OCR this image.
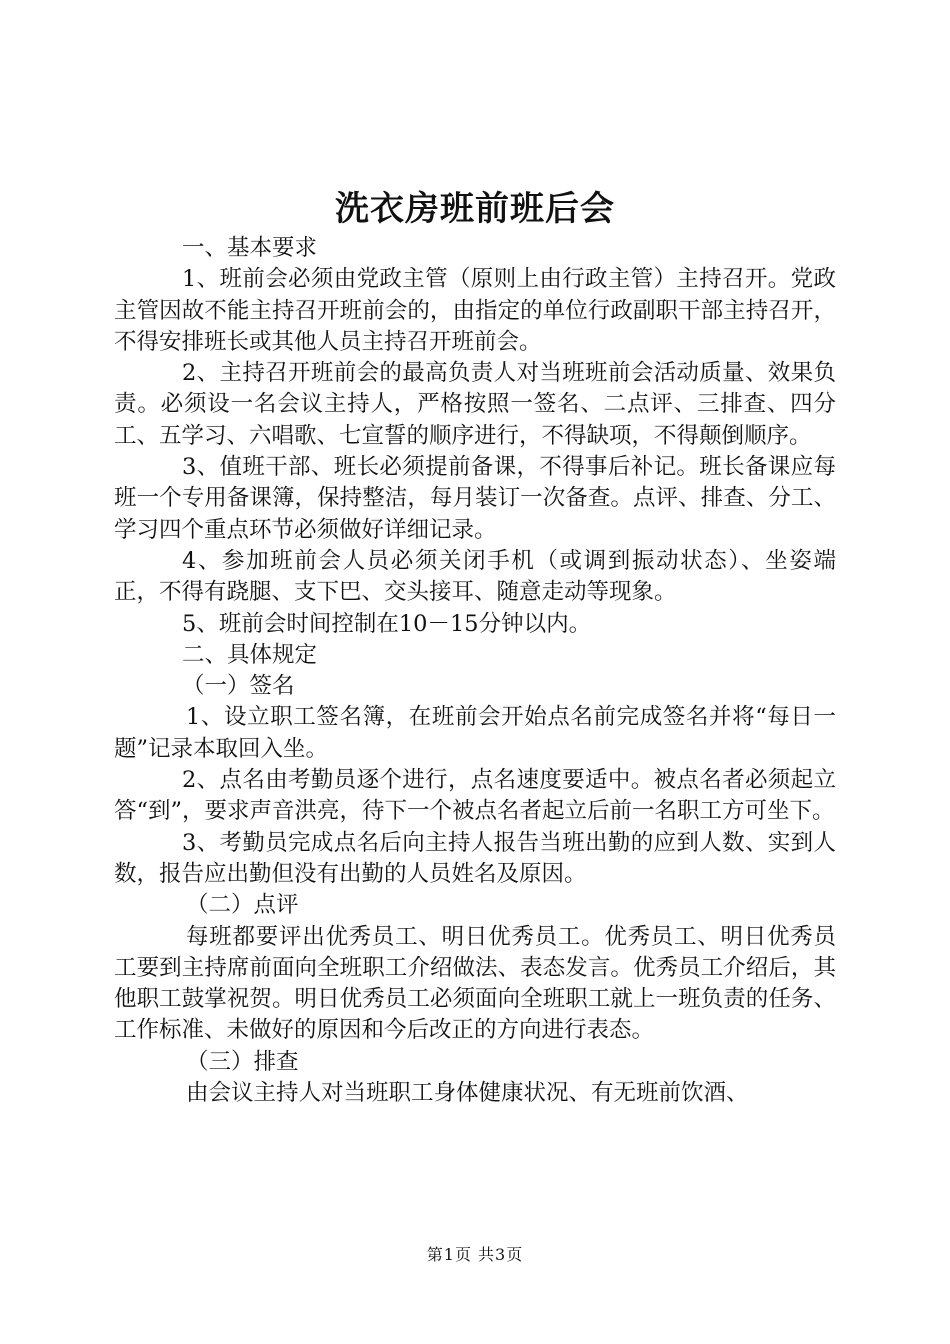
洗衣房班前班后会

一、基本要求

1、班前会必须由党政主管（原则上由行政主管）主持召开。党政主管因故不能主持召开班前会的，由指定的单位行政副职干部主持召开，不得安排班长或其他人员主持召开班前会。

2、主持召开班前会的最高负责人对当班班前会活动质量、效果负责。必须设一名会议主持人，严格按照一签名、二点评、三排查、四分工、五学习、六唱歌、七宣誓的顺序进行，不得缺项，不得颠倒顺序。

3、值班干部、班长必须提前备课，不得事后补记。班长备课应每班一个专用备课簿，保持整洁，每月装订一次备查。点评、排查、分工、学习四个重点环节必须做好详细记录。

4、参加班前会人员必须关闭手机（或调到振动状态）、坐姿端正，不得有跷腿、支下巴、交头接耳、随意走动等现象。

5、班前会时间控制在10－15分钟以内。

二、具体规定

（一）签名

1、设立职工签名簿，在班前会开始点名前完成签名并将“每日一题”记录本取回入坐。

2、点名由考勤员逐个进行，点名速度要适中。被点名者必须起立答“到”，要求声音洪亮，待下一个被点名者起立后前一名职工方可坐下。

3、考勤员完成点名后向主持人报告当班出勤的应到人数、实到人数，报告应出勤但没有出勤的人员姓名及原因。

（二）点评

每班都要评出优秀员工、明日优秀员工。优秀员工、明日优秀员工要到主持席前面向全班职工介绍做法、表态发言。优秀员工介绍后，其他职工鼓掌祝贺。明日优秀员工必须面向全班职工就上一班负责的任务、工作标准、未做好的原因和今后改正的方向进行表态。

（三）排查

由会议主持人对当班职工身体健康状况、有无班前饮酒、

第1页 共3页
